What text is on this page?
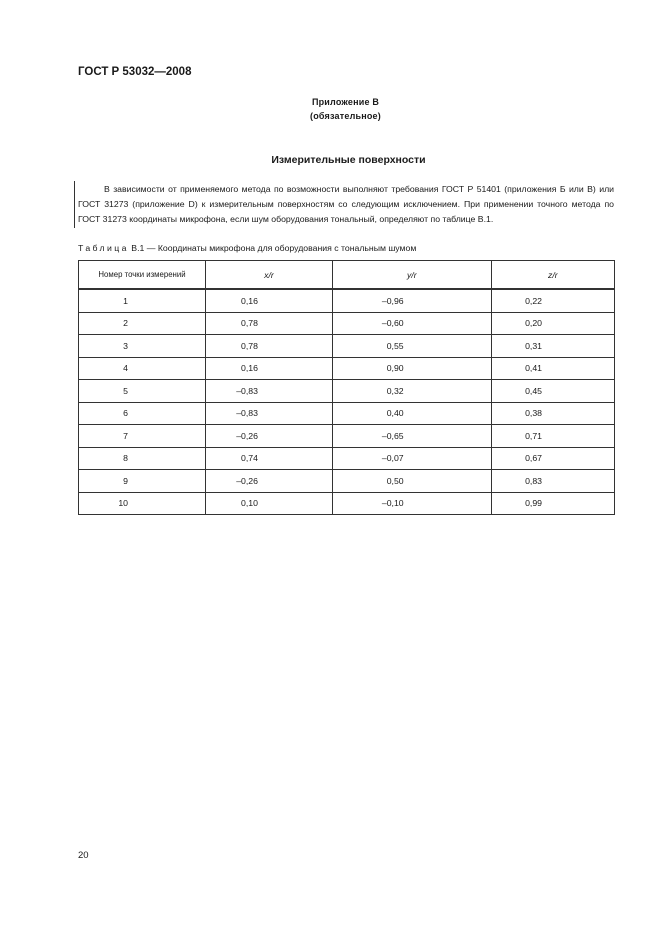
ГОСТ Р 53032—2008
Приложение В
(обязательное)
Измерительные поверхности
В зависимости от применяемого метода по возможности выполняют требования ГОСТ Р 51401 (приложения Б или В) или ГОСТ 31273 (приложение D) к измерительным поверхностям со следующим исключением. При применении точного метода по ГОСТ 31273 координаты микрофона, если шум оборудования тональный, определяют по таблице В.1.
Таблица В.1 — Координаты микрофона для оборудования с тональным шумом
Номер точки измерений	x/r	y/r	z/r
1	0,16	–0,96	0,22
2	0,78	–0,60	0,20
3	0,78	0,55	0,31
4	0,16	0,90	0,41
5	–0,83	0,32	0,45
6	–0,83	0,40	0,38
7	–0,26	–0,65	0,71
8	0,74	–0,07	0,67
9	–0,26	0,50	0,83
10	0,10	–0,10	0,99
20
